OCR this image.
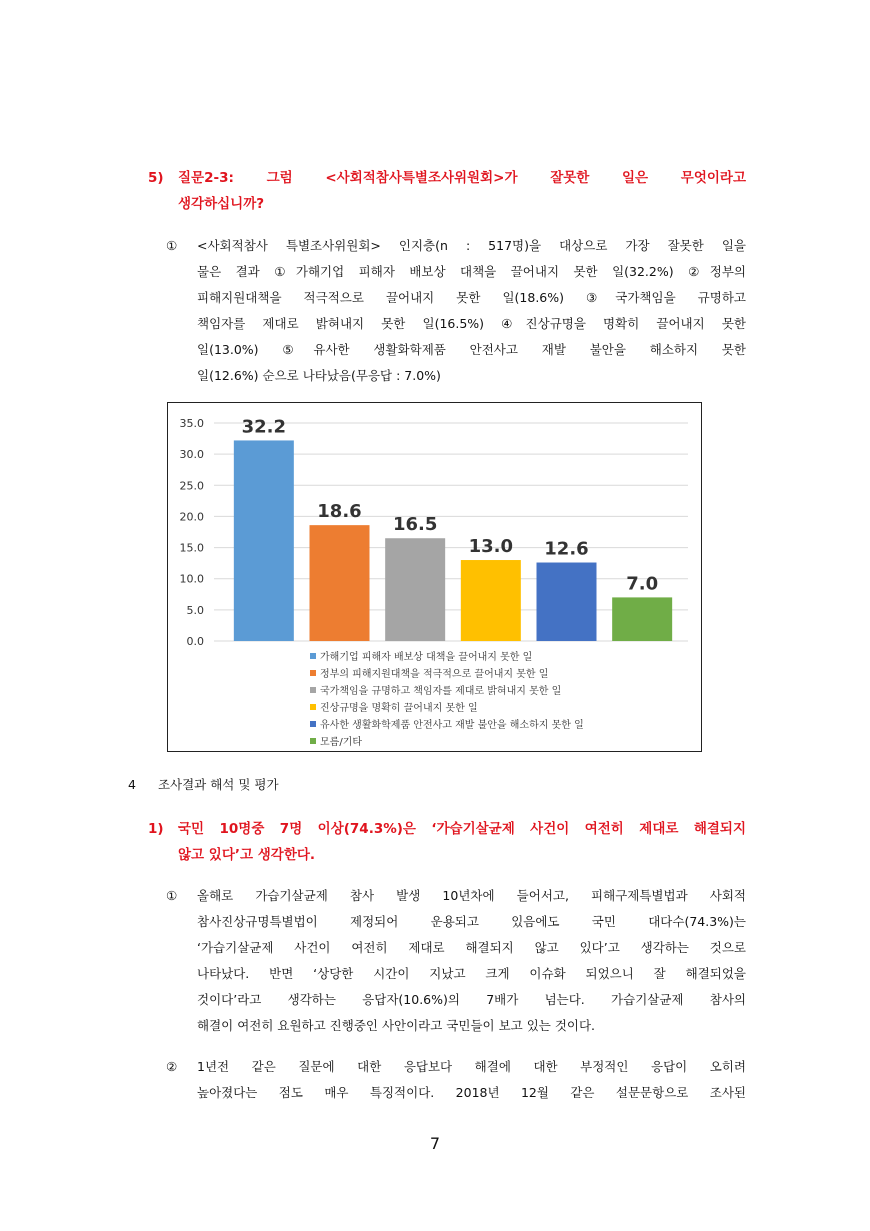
5) 질문2-3: 그럼 <사회적참사특별조사위원회>가 잘못한 일은 무엇이라고
생각하십니까?
① <사회적참사 특별조사위원회> 인지층(n : 517명)을 대상으로 가장 잘못한 일을
물은 결과 ①가해기업 피해자 배보상 대책을 끌어내지 못한 일(32.2%) ②정부의
피해지원대책을 적극적으로 끌어내지 못한 일(18.6%) ③국가책임을 규명하고
책임자를 제대로 밝혀내지 못한 일(16.5%) ④진상규명을 명확히 끌어내지 못한
일(13.0%) ⑤유사한 생활화학제품 안전사고 재발 불안을 해소하지 못한
일(12.6%) 순으로 나타났음(무응답 : 7.0%)
0.0
5.0
10.0
15.0
20.0
25.0
30.0
35.0 32.2
18.6
16.5
13.0 12.6
7.0
가해기업 피해자 배보상 대책을 끌어내지 못한 일
정부의 피해지원대책을 적극적으로 끌어내지 못한 일
국가책임을 규명하고 책임자를 제대로 밝혀내지 못한 일
진상규명을 명확히 끌어내지 못한 일
유사한 생활화학제품 안전사고 재발 불안을 해소하지 못한 일
모름/기타
4 조사결과 해석 및 평가
1) 국민 10명중 7명 이상(74.3%)은 ‘가습기살균제 사건이 여전히 제대로 해결되지
않고 있다’고 생각한다.
① 올해로 가습기살균제 참사 발생 10년차에 들어서고, 피해구제특별법과 사회적
참사진상규명특별법이 제정되어 운용되고 있음에도 국민 대다수(74.3%)는
‘가습기살균제 사건이 여전히 제대로 해결되지 않고 있다’고 생각하는 것으로
나타났다. 반면 ‘상당한 시간이 지났고 크게 이슈화 되었으니 잘 해결되었을
것이다’라고 생각하는 응답자(10.6%)의 7배가 넘는다. 가습기살균제 참사의
해결이 여전히 요원하고 진행중인 사안이라고 국민들이 보고 있는 것이다.
② 1년전 같은 질문에 대한 응답보다 해결에 대한 부정적인 응답이 오히려
높아졌다는 점도 매우 특징적이다. 2018년 12월 같은 설문문항으로 조사된
7
